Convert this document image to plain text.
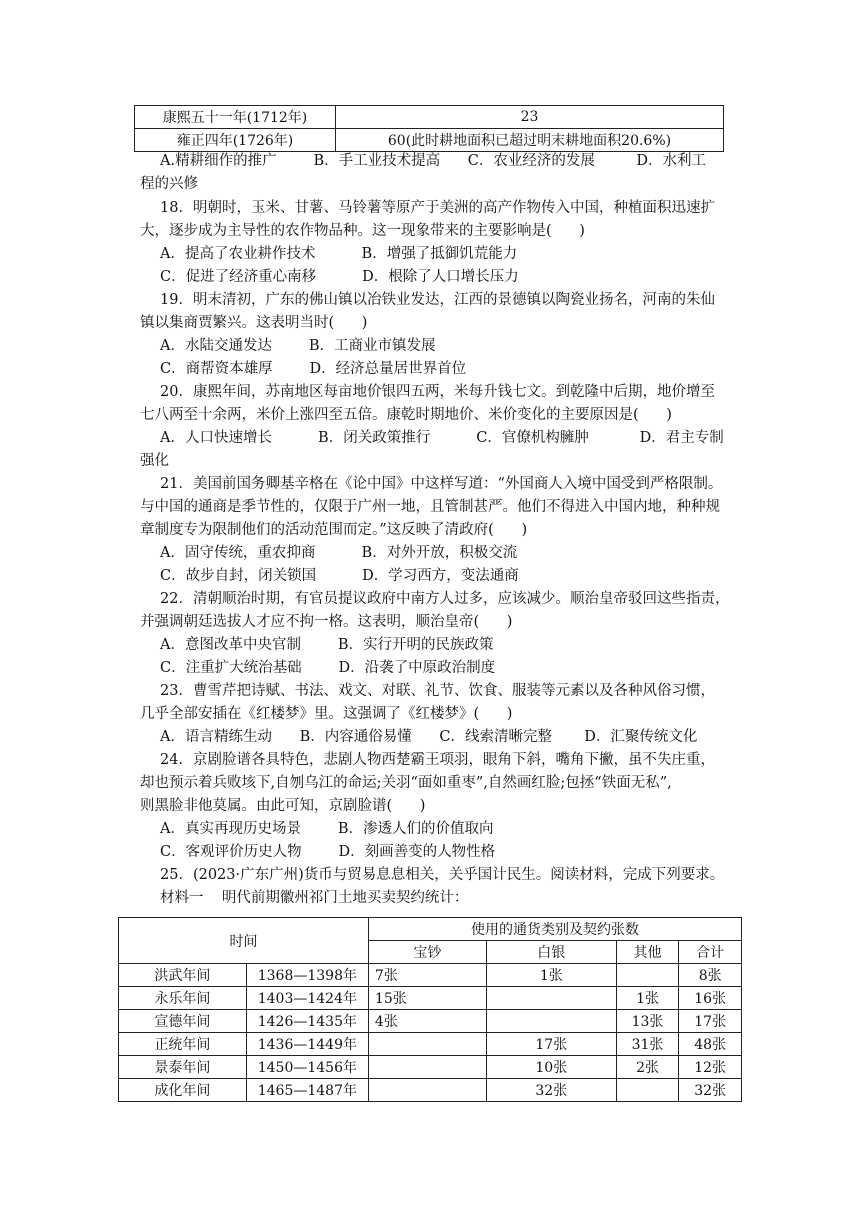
康熙五十一年(1712年)	23
雍正四年(1726年)	60(此时耕地面积已超过明末耕地面积20.6%)
A.精耕细作的推广        B．手工业技术提高      C．农业经济的发展         D．水利工
程的兴修
18．明朝时，玉米、甘薯、马铃薯等原产于美洲的高产作物传入中国，种植面积迅速扩
大，逐步成为主导性的农作物品种。这一现象带来的主要影响是(      )
A．提高了农业耕作技术          B．增强了抵御饥荒能力
C．促进了经济重心南移          D．根除了人口增长压力
19．明末清初，广东的佛山镇以冶铁业发达，江西的景德镇以陶瓷业扬名，河南的朱仙
镇以集商贾繁兴。这表明当时(      )
A．水陆交通发达        B．工商业市镇发展
C．商帮资本雄厚        D．经济总量居世界首位
20．康熙年间，苏南地区每亩地价银四五两，米每升钱七文。到乾隆中后期，地价增至
七八两至十余两，米价上涨四至五倍。康乾时期地价、米价变化的主要原因是(      )
A．人口快速增长          B．闭关政策推行          C．官僚机构臃肿           D．君主专制
强化
21．美国前国务卿基辛格在《论中国》中这样写道：“外国商人入境中国受到严格限制。
与中国的通商是季节性的，仅限于广州一地，且管制甚严。他们不得进入中国内地，种种规
章制度专为限制他们的活动范围而定。”这反映了清政府(      )
A．固守传统，重农抑商          B．对外开放，积极交流
C．故步自封，闭关锁国          D．学习西方，变法通商
22．清朝顺治时期，有官员提议政府中南方人过多，应该减少。顺治皇帝驳回这些指责，
并强调朝廷选拔人才应不拘一格。这表明，顺治皇帝(      )
A．意图改革中央官制        B．实行开明的民族政策
C．注重扩大统治基础        D．沿袭了中原政治制度
23．曹雪芹把诗赋、书法、戏文、对联、礼节、饮食、服装等元素以及各种风俗习惯，
几乎全部安插在《红楼梦》里。这强调了《红楼梦》(      )
A．语言精练生动      B．内容通俗易懂      C．线索清晰完整       D．汇聚传统文化
24．京剧脸谱各具特色，悲剧人物西楚霸王项羽，眼角下斜，嘴角下撇，虽不失庄重，
却也预示着兵败垓下,自刎乌江的命运;关羽“面如重枣”,自然画红脸;包拯“铁面无私”,
则黑脸非他莫属。由此可知，京剧脸谱(      )
A．真实再现历史场景        B．渗透人们的价值取向
C．客观评价历史人物        D．刻画善变的人物性格
25．(2023·广东广州)货币与贸易息息相关，关乎国计民生。阅读材料，完成下列要求。
材料一    明代前期徽州祁门土地买卖契约统计：
时间		使用的通货类别及契约张数			
		宝钞	白银	其他	合计
洪武年间	1368—1398年	7张	1张		8张
永乐年间	1403—1424年	15张		1张	16张
宣德年间	1426—1435年	4张		13张	17张
正统年间	1436—1449年		17张	31张	48张
景泰年间	1450—1456年		10张	2张	12张
成化年间	1465—1487年		32张		32张
